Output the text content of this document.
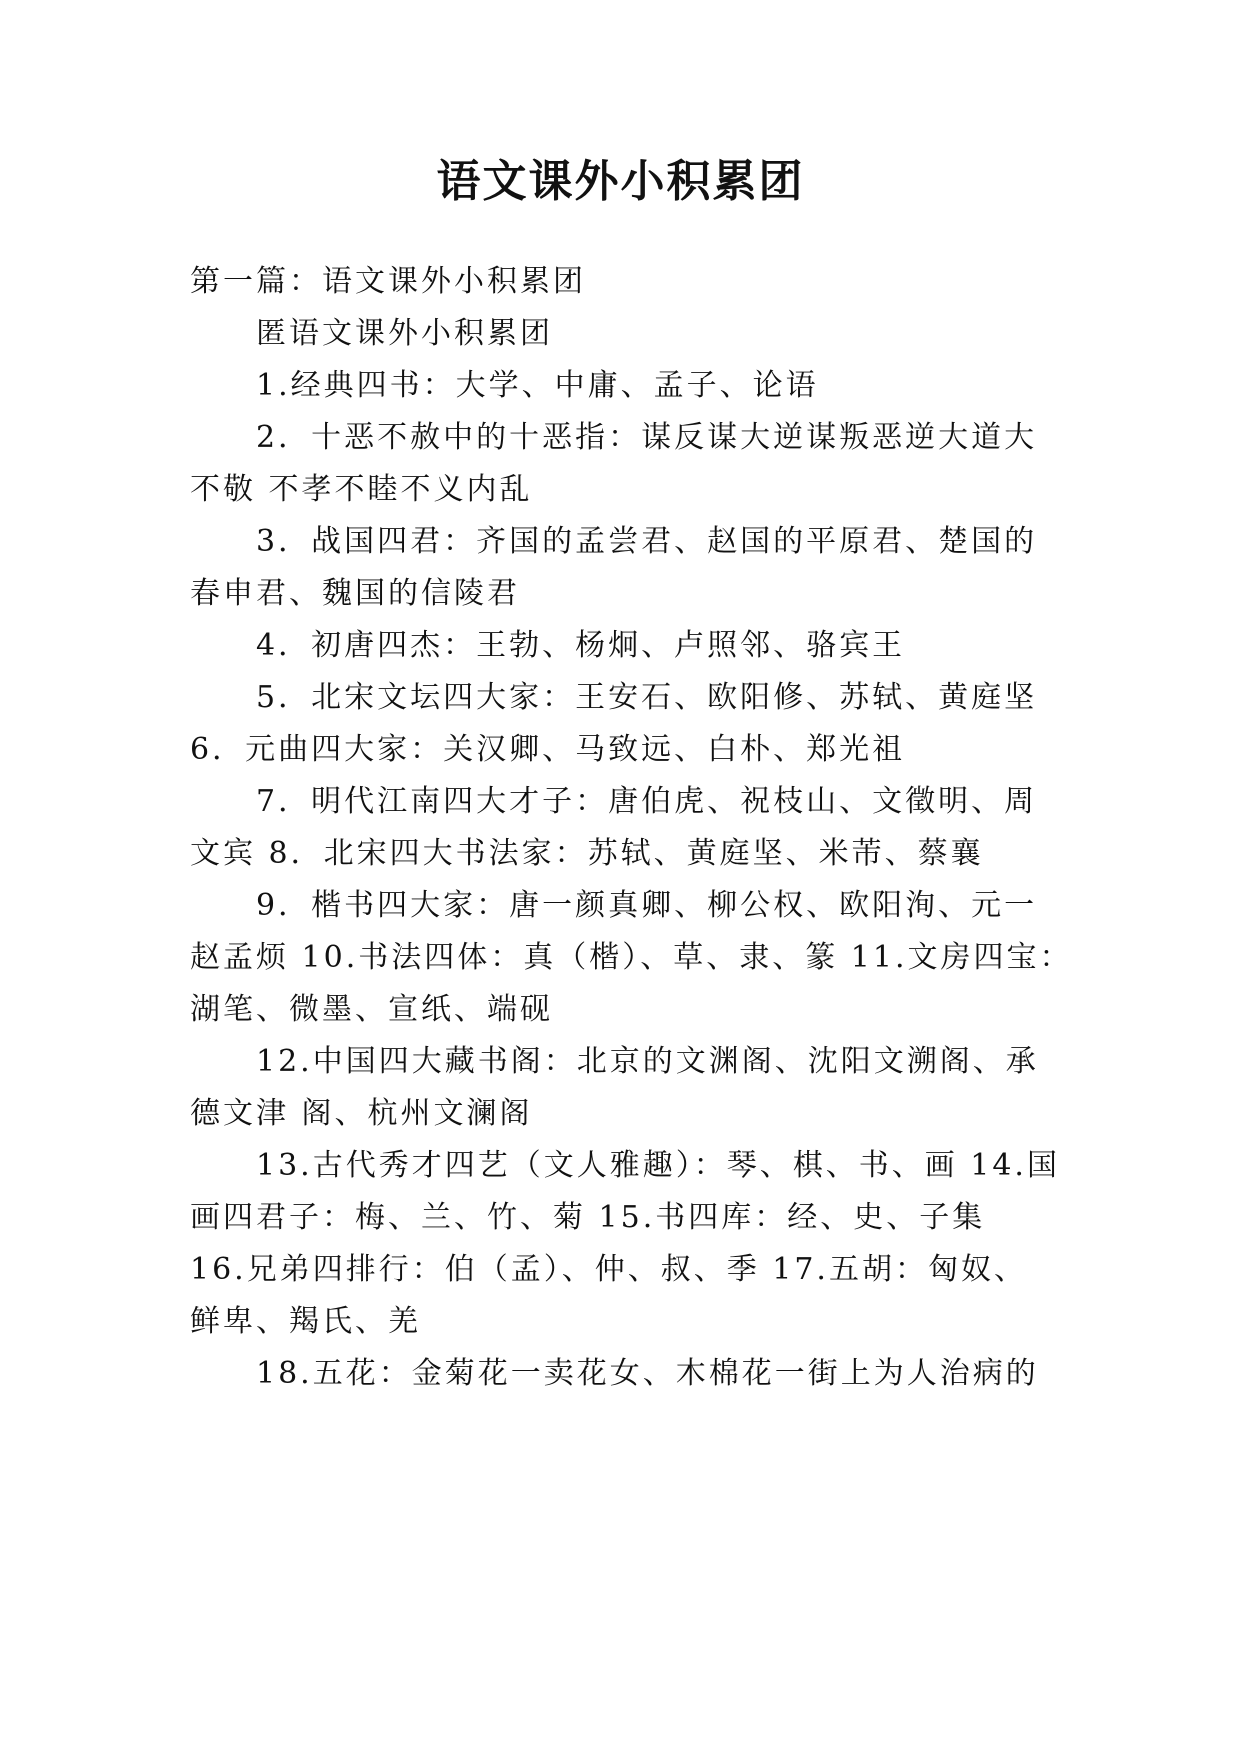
语文课外小积累团
第一篇：语文课外小积累团
匿语文课外小积累团
1.经典四书：大学、中庸、孟子、论语
2．十恶不赦中的十恶指：谋反谋大逆谋叛恶逆大道大
不敬 不孝不睦不义内乱
3．战国四君：齐国的孟尝君、赵国的平原君、楚国的
春申君、魏国的信陵君
4．初唐四杰：王勃、杨炯、卢照邻、骆宾王
5．北宋文坛四大家：王安石、欧阳修、苏轼、黄庭坚
6．元曲四大家：关汉卿、马致远、白朴、郑光祖
7．明代江南四大才子：唐伯虎、祝枝山、文徵明、周
文宾 8．北宋四大书法家：苏轼、黄庭坚、米芾、蔡襄
9．楷书四大家：唐一颜真卿、柳公权、欧阳洵、元一
赵孟烦 10.书法四体：真（楷）、草、隶、篆 11.文房四宝：
湖笔、微墨、宣纸、端砚
12.中国四大藏书阁：北京的文渊阁、沈阳文溯阁、承
德文津 阁、杭州文澜阁
13.古代秀才四艺（文人雅趣）：琴、棋、书、画 14.国
画四君子：梅、兰、竹、菊 15.书四库：经、史、子集
16.兄弟四排行：伯（孟）、仲、叔、季 17.五胡：匈奴、
鲜卑、羯氏、羌
18.五花：金菊花一卖花女、木棉花一街上为人治病的
